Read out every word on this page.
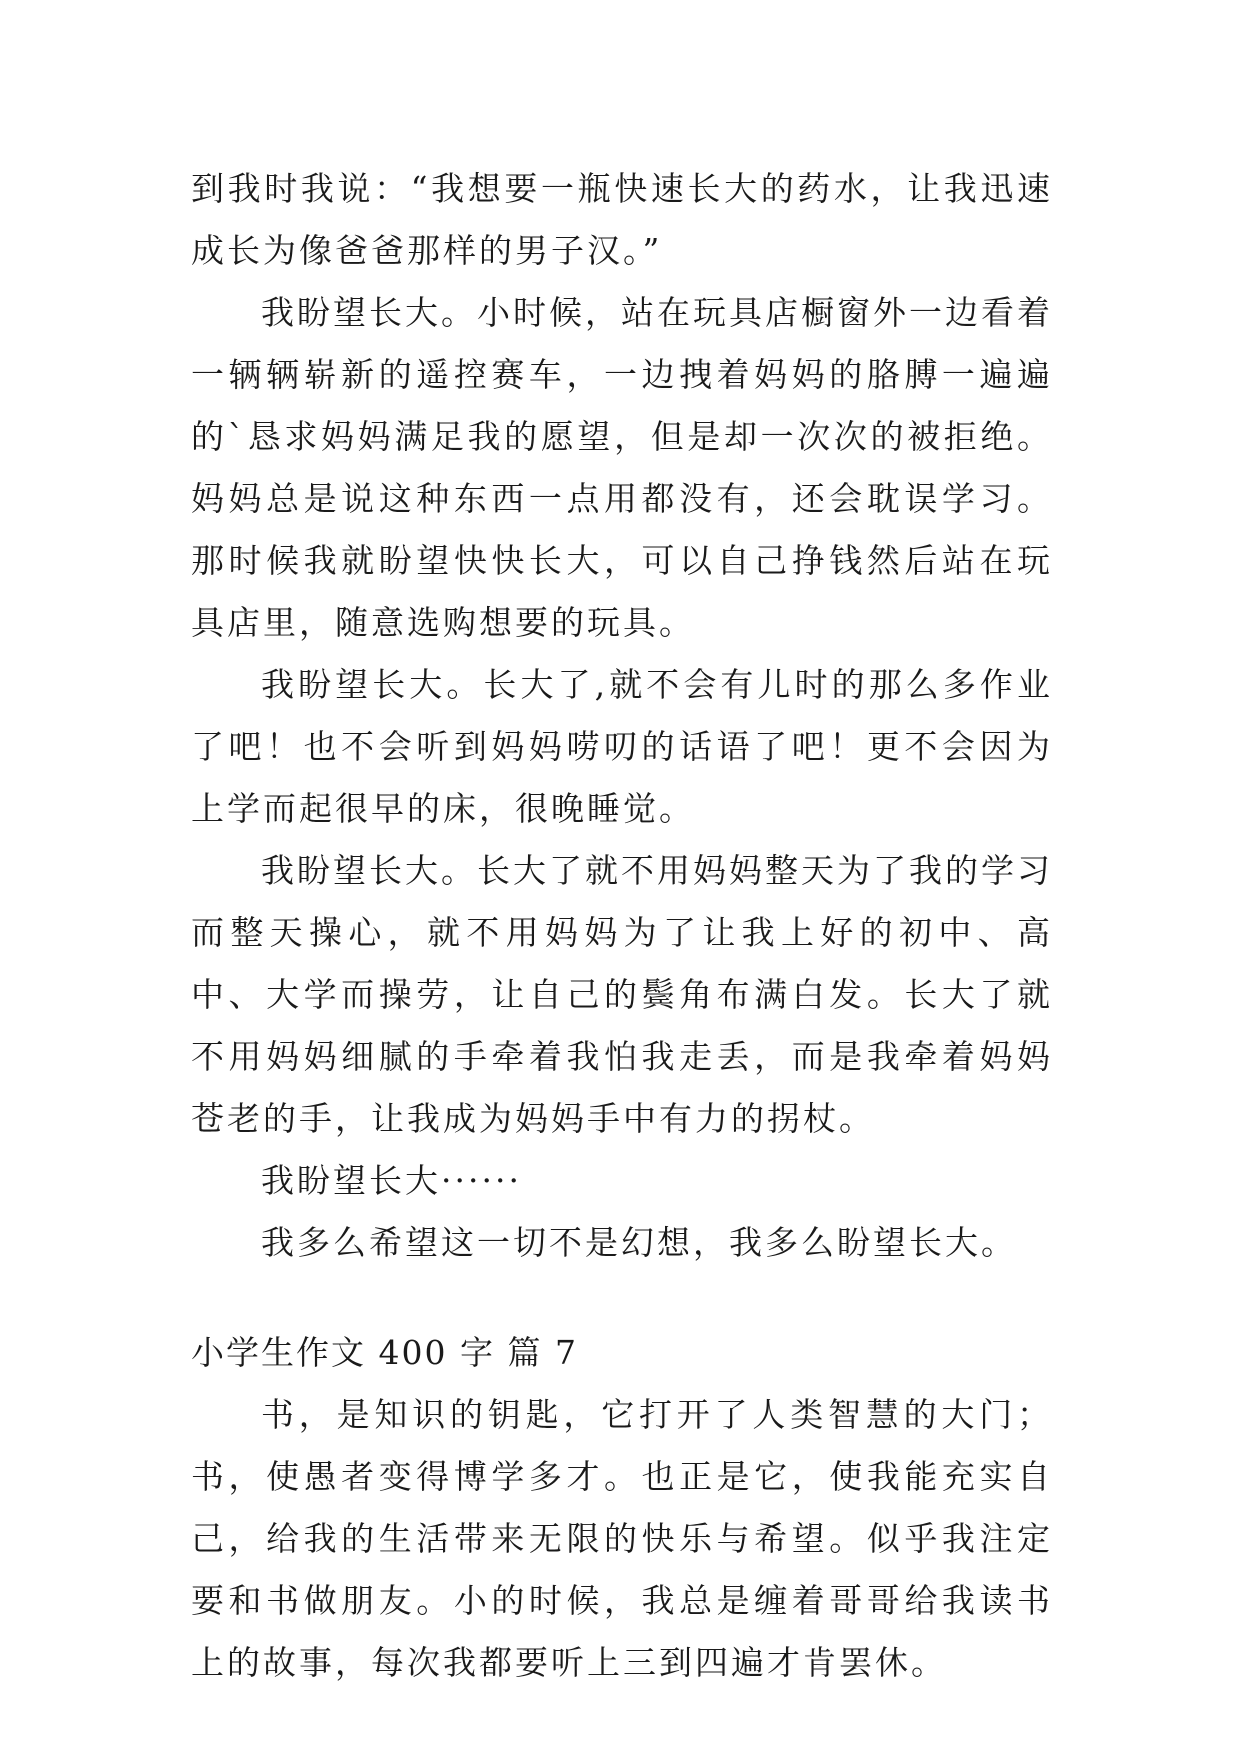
到我时我说：“我想要一瓶快速长大的药水，让我迅速成长为像爸爸那样的男子汉。”

我盼望长大。小时候，站在玩具店橱窗外一边看着一辆辆崭新的遥控赛车，一边拽着妈妈的胳膊一遍遍的`恳求妈妈满足我的愿望，但是却一次次的被拒绝。妈妈总是说这种东西一点用都没有，还会耽误学习。那时候我就盼望快快长大，可以自己挣钱然后站在玩具店里，随意选购想要的玩具。

我盼望长大。长大了,就不会有儿时的那么多作业了吧！也不会听到妈妈唠叨的话语了吧！更不会因为上学而起很早的床，很晚睡觉。

我盼望长大。长大了就不用妈妈整天为了我的学习而整天操心，就不用妈妈为了让我上好的初中、高中、大学而操劳，让自己的鬓角布满白发。长大了就不用妈妈细腻的手牵着我怕我走丢，而是我牵着妈妈苍老的手，让我成为妈妈手中有力的拐杖。

我盼望长大······

我多么希望这一切不是幻想，我多么盼望长大。

小学生作文 400 字 篇 7

书，是知识的钥匙，它打开了人类智慧的大门；书，使愚者变得博学多才。也正是它，使我能充实自己，给我的生活带来无限的快乐与希望。似乎我注定要和书做朋友。小的时候，我总是缠着哥哥给我读书上的故事，每次我都要听上三到四遍才肯罢休。
